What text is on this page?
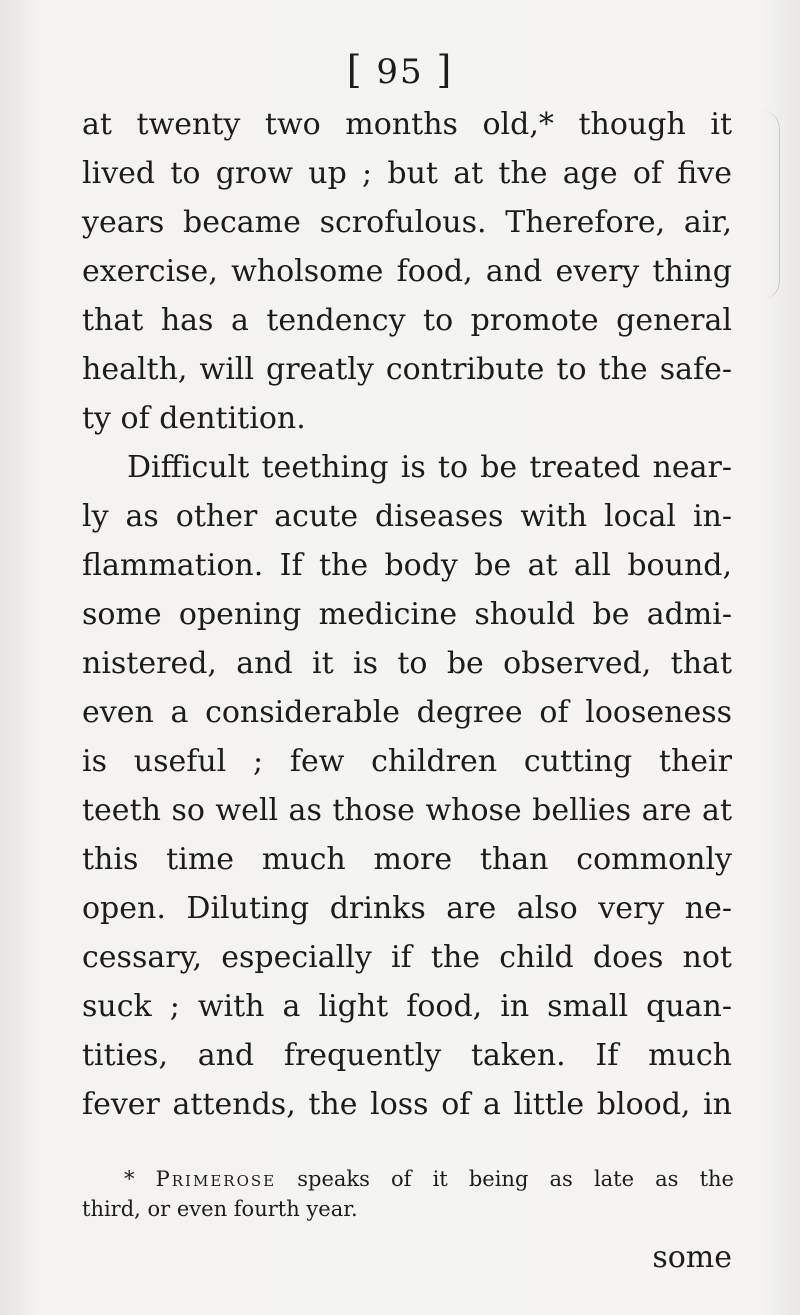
[ 95 ]
at twenty two months old,* though it
lived to grow up ; but at the age of five
years became scrofulous. Therefore, air,
exercise, wholsome food, and every thing
that has a tendency to promote general
health, will greatly contribute to the safe-
ty of dentition.
Difficult teething is to be treated near-
ly as other acute diseases with local in-
flammation. If the body be at all bound,
some opening medicine should be admi-
nistered, and it is to be observed, that
even a considerable degree of looseness
is useful ; few children cutting their
teeth so well as those whose bellies are at
this time much more than commonly
open. Diluting drinks are also very ne-
cessary, especially if the child does not
suck ; with a light food, in small quan-
tities, and frequently taken. If much
fever attends, the loss of a little blood, in
* Primerose speaks of it being as late as the
third, or even fourth year.
some
